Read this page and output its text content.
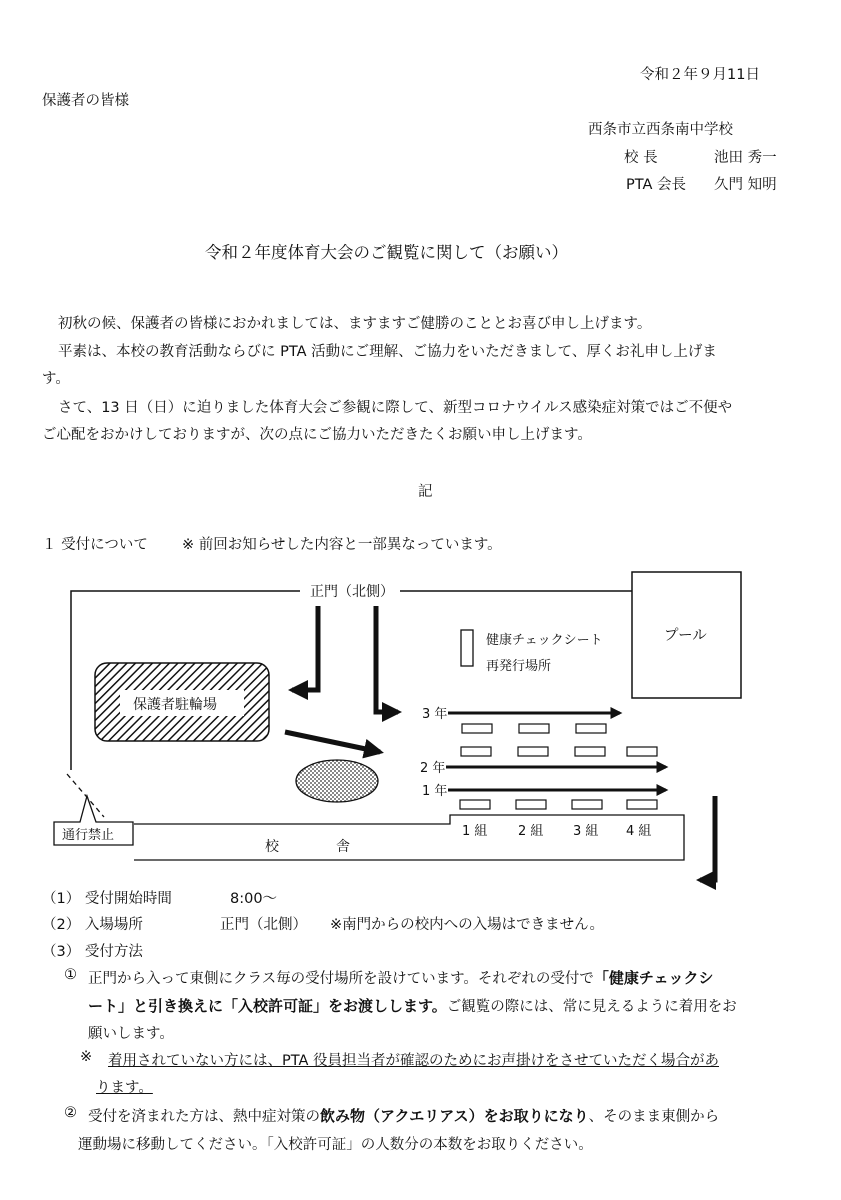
令和２年９月11日
保護者の皆様
西条市立西条南中学校
校 長	池田 秀一
PTA 会長 久門 知明
令和２年度体育大会のご観覧に関して（お願い）
初秋の候、保護者の皆様におかれましては、ますますご健勝のこととお喜び申し上げます。
平素は、本校の教育活動ならびに PTA 活動にご理解、ご協力をいただきまして、厚くお礼申し上げま
す。
さて、13 日（日）に迫りました体育大会ご参観に際して、新型コロナウイルス感染症対策ではご不便や
ご心配をおかけしておりますが、次の点にご協力いただきたくお願い申し上げます。
記
１ 受付について ※ 前回お知らせした内容と一部異なっています。
プール
正門（北側）
健康チェックシート
再発行場所
保護者駐輪場
3 年
2 年
1 年
1 組 2 組 3 組 4 組
校	舎
通行禁止
（1） 受付開始時間	8:00～
（2） 入場場所	正門（北側） ※南門からの校内への入場はできません。
（3） 受付方法
① 正門から入って東側にクラス毎の受付場所を設けています。それぞれの受付で「健康チェックシ
ート」と引き換えに「入校許可証」をお渡しします。ご観覧の際には、常に見えるように着用をお
願いします。
※ 着用されていない方には、PTA 役員担当者が確認のためにお声掛けをさせていただく場合があ
ります。
② 受付を済まれた方は、熱中症対策の飲み物（アクエリアス）をお取りになり、そのまま東側から
運動場に移動してください。「入校許可証」の人数分の本数をお取りください。
